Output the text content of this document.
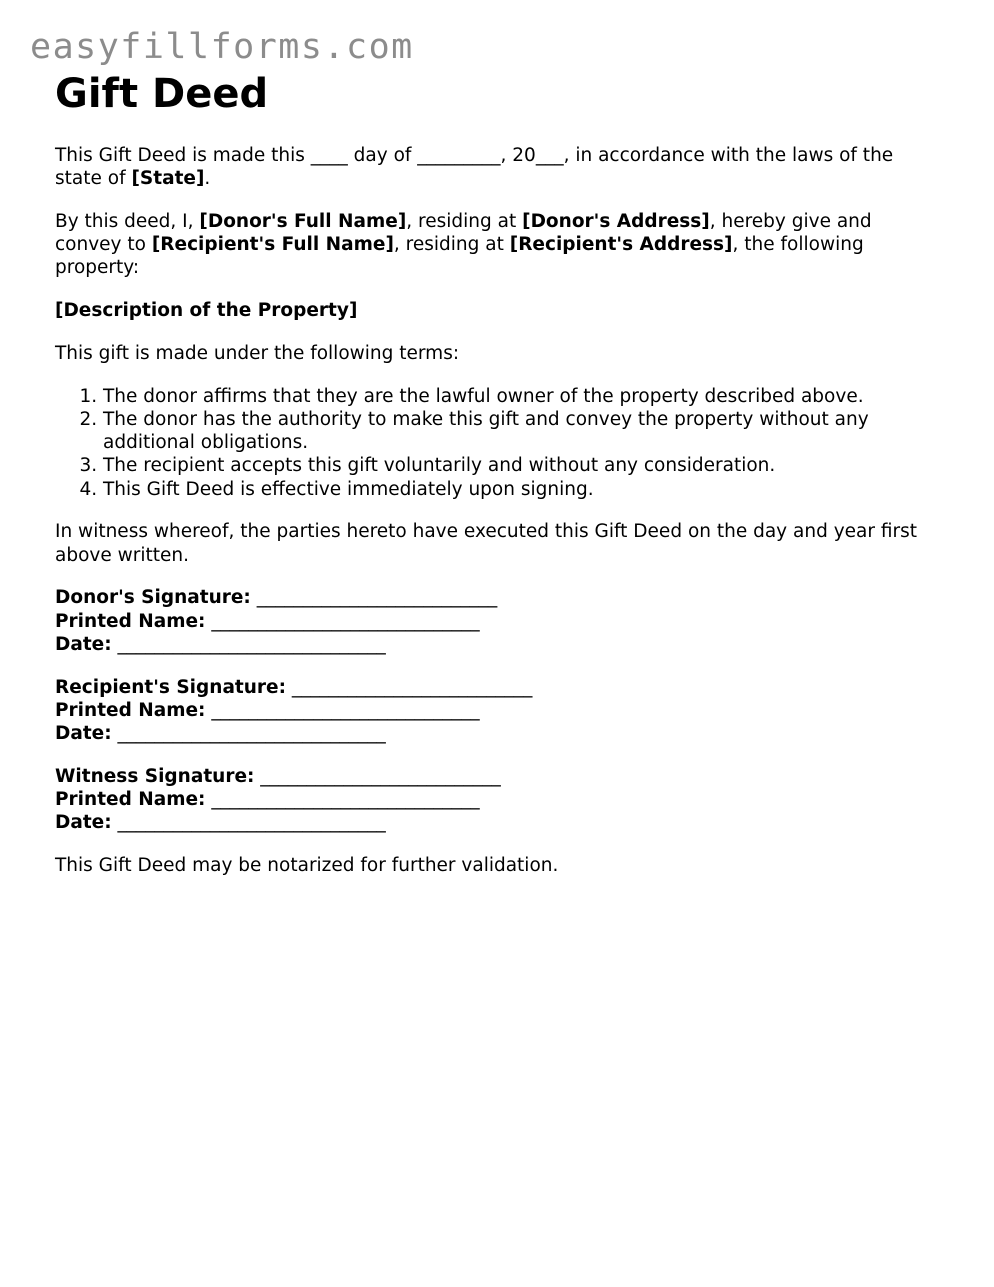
easyfillforms.com
Gift Deed

This Gift Deed is made this ____ day of _________, 20___, in accordance with the laws of the state of [State].

By this deed, I, [Donor's Full Name], residing at [Donor's Address], hereby give and convey to [Recipient's Full Name], residing at [Recipient's Address], the following property:

[Description of the Property]

This gift is made under the following terms:

1. The donor affirms that they are the lawful owner of the property described above.
2. The donor has the authority to make this gift and convey the property without any additional obligations.
3. The recipient accepts this gift voluntarily and without any consideration.
4. This Gift Deed is effective immediately upon signing.

In witness whereof, the parties hereto have executed this Gift Deed on the day and year first above written.

Donor's Signature: __________________________
Printed Name: _____________________________
Date: _____________________________
Recipient's Signature: __________________________
Printed Name: _____________________________
Date: _____________________________
Witness Signature: __________________________
Printed Name: _____________________________
Date: _____________________________

This Gift Deed may be notarized for further validation.
